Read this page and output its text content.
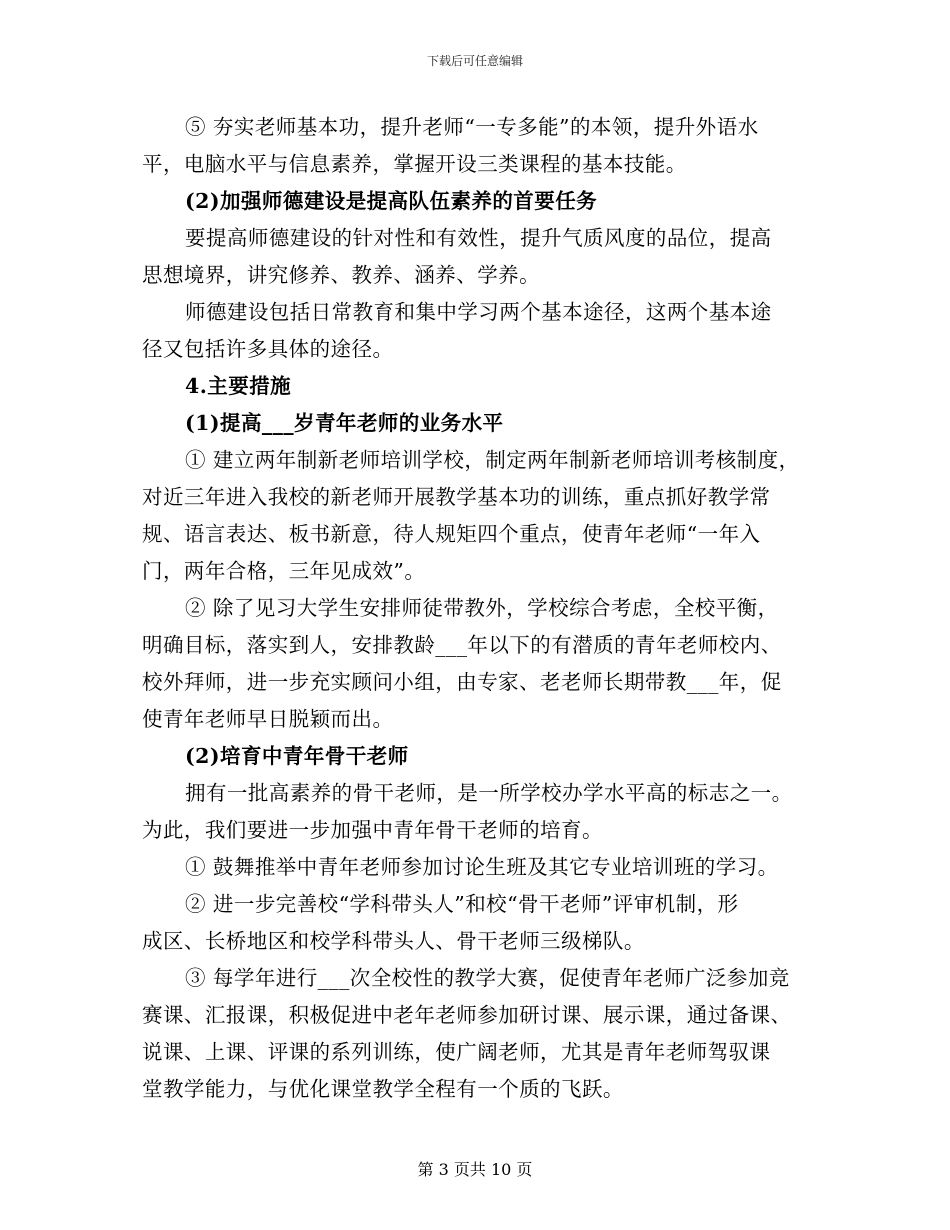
下载后可任意编辑
⑤ 夯实老师基本功，提升老师“一专多能”的本领，提升外语水
平，电脑水平与信息素养，掌握开设三类课程的基本技能。
(2)加强师德建设是提高队伍素养的首要任务
要提高师德建设的针对性和有效性，提升气质风度的品位，提高
思想境界，讲究修养、教养、涵养、学养。
师德建设包括日常教育和集中学习两个基本途径，这两个基本途
径又包括许多具体的途径。
4.主要措施
(1)提高___岁青年老师的业务水平
① 建立两年制新老师培训学校，制定两年制新老师培训考核制度，
对近三年进入我校的新老师开展教学基本功的训练，重点抓好教学常
规、语言表达、板书新意，待人规矩四个重点，使青年老师“一年入
门，两年合格，三年见成效”。
② 除了见习大学生安排师徒带教外，学校综合考虑，全校平衡，
明确目标，落实到人，安排教龄___年以下的有潜质的青年老师校内、
校外拜师，进一步充实顾问小组，由专家、老老师长期带教___年，促
使青年老师早日脱颖而出。
(2)培育中青年骨干老师
拥有一批高素养的骨干老师，是一所学校办学水平高的标志之一。
为此，我们要进一步加强中青年骨干老师的培育。
① 鼓舞推举中青年老师参加讨论生班及其它专业培训班的学习。
② 进一步完善校“学科带头人”和校“骨干老师”评审机制，形
成区、长桥地区和校学科带头人、骨干老师三级梯队。
③ 每学年进行___次全校性的教学大赛，促使青年老师广泛参加竞
赛课、汇报课，积极促进中老年老师参加研讨课、展示课，通过备课、
说课、上课、评课的系列训练，使广阔老师，尤其是青年老师驾驭课
堂教学能力，与优化课堂教学全程有一个质的飞跃。
第 3 页共 10 页
